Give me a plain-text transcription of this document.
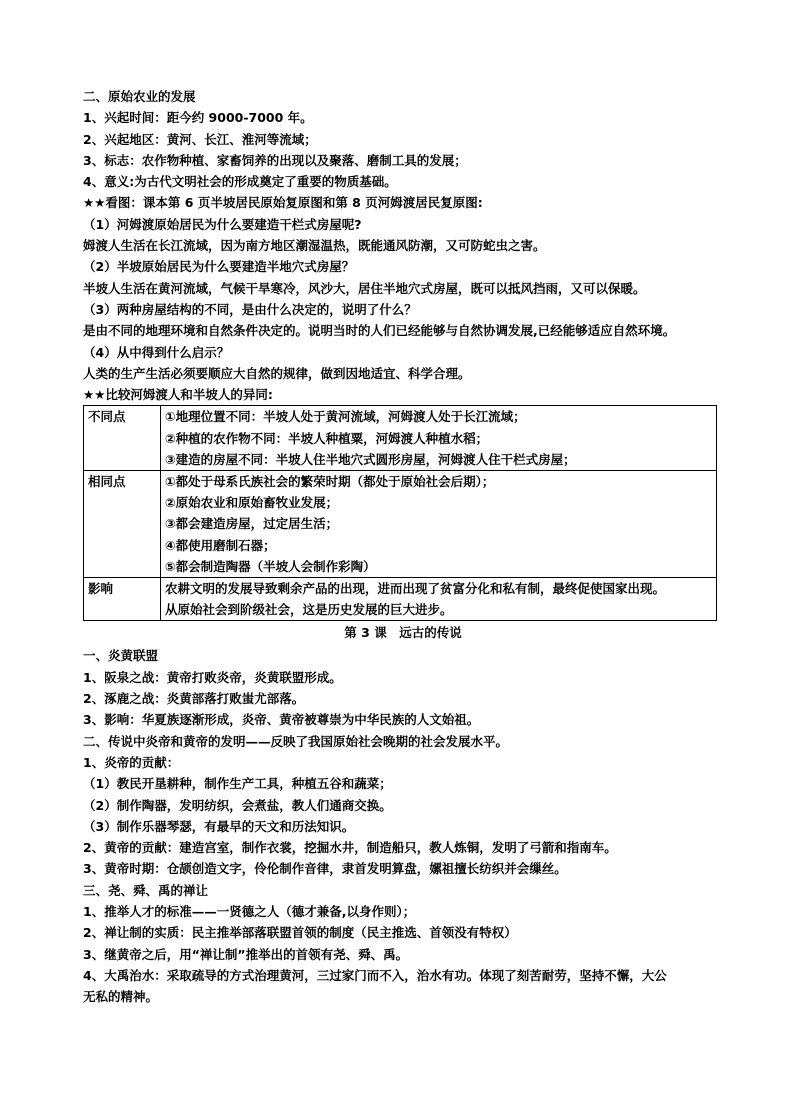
二、原始农业的发展
1、兴起时间：距今约 9000-7000 年。
2、兴起地区：黄河、长江、淮河等流域；
3、标志：农作物种植、家畜饲养的出现以及聚落、磨制工具的发展；
4、意义:为古代文明社会的形成奠定了重要的物质基础。
★★看图：课本第 6 页半坡居民原始复原图和第 8 页河姆渡居民复原图:
（1）河姆渡原始居民为什么要建造干栏式房屋呢?
姆渡人生活在长江流域，因为南方地区潮湿温热，既能通风防潮，又可防蛇虫之害。
（2）半坡原始居民为什么要建造半地穴式房屋？
半坡人生活在黄河流域，气候干旱寒冷，风沙大，居住半地穴式房屋，既可以抵风挡雨，又可以保暖。
（3）两种房屋结构的不同，是由什么决定的，说明了什么？
是由不同的地理环境和自然条件决定的。说明当时的人们已经能够与自然协调发展,已经能够适应自然环境。
（4）从中得到什么启示？
人类的生产生活必须要顺应大自然的规律，做到因地适宜、科学合理。
★★比较河姆渡人和半坡人的异同:
不同点	①地理位置不同：半坡人处于黄河流域，河姆渡人处于长江流域；
②种植的农作物不同：半坡人种植粟，河姆渡人种植水稻；
③建造的房屋不同：半坡人住半地穴式圆形房屋，河姆渡人住干栏式房屋；

相同点	①都处于母系氏族社会的繁荣时期（都处于原始社会后期）；
②原始农业和原始畜牧业发展；
③都会建造房屋，过定居生活；
④都使用磨制石器；
⑤都会制造陶器（半坡人会制作彩陶）

影响	农耕文明的发展导致剩余产品的出现，进而出现了贫富分化和私有制，最终促使国家出现。
从原始社会到阶级社会，这是历史发展的巨大进步。
第 3 课　远古的传说
一、炎黄联盟
1、阪泉之战：黄帝打败炎帝，炎黄联盟形成。
2、涿鹿之战：炎黄部落打败蚩尤部落。
3、影响：华夏族逐渐形成，炎帝、黄帝被尊崇为中华民族的人文始祖。
二、传说中炎帝和黄帝的发明——反映了我国原始社会晚期的社会发展水平。
1、炎帝的贡献：
（1）教民开垦耕种，制作生产工具，种植五谷和蔬菜；
（2）制作陶器，发明纺织，会煮盐，教人们通商交换。
（3）制作乐器琴瑟，有最早的天文和历法知识。
2、黄帝的贡献：建造宫室，制作衣裳，挖掘水井，制造船只，教人炼铜，发明了弓箭和指南车。
3、黄帝时期：仓颉创造文字，伶伦制作音律，隶首发明算盘，嫘祖擅长纺织并会缫丝。
三、尧、舜、禹的禅让
1、推举人才的标准——一贤德之人（德才兼备,以身作则）；
2、禅让制的实质：民主推举部落联盟首领的制度（民主推选、首领没有特权）
3、继黄帝之后，用“禅让制”推举出的首领有尧、舜、禹。
4、大禹治水：采取疏导的方式治理黄河，三过家门而不入，治水有功。体现了刻苦耐劳，坚持不懈，大公
无私的精神。
